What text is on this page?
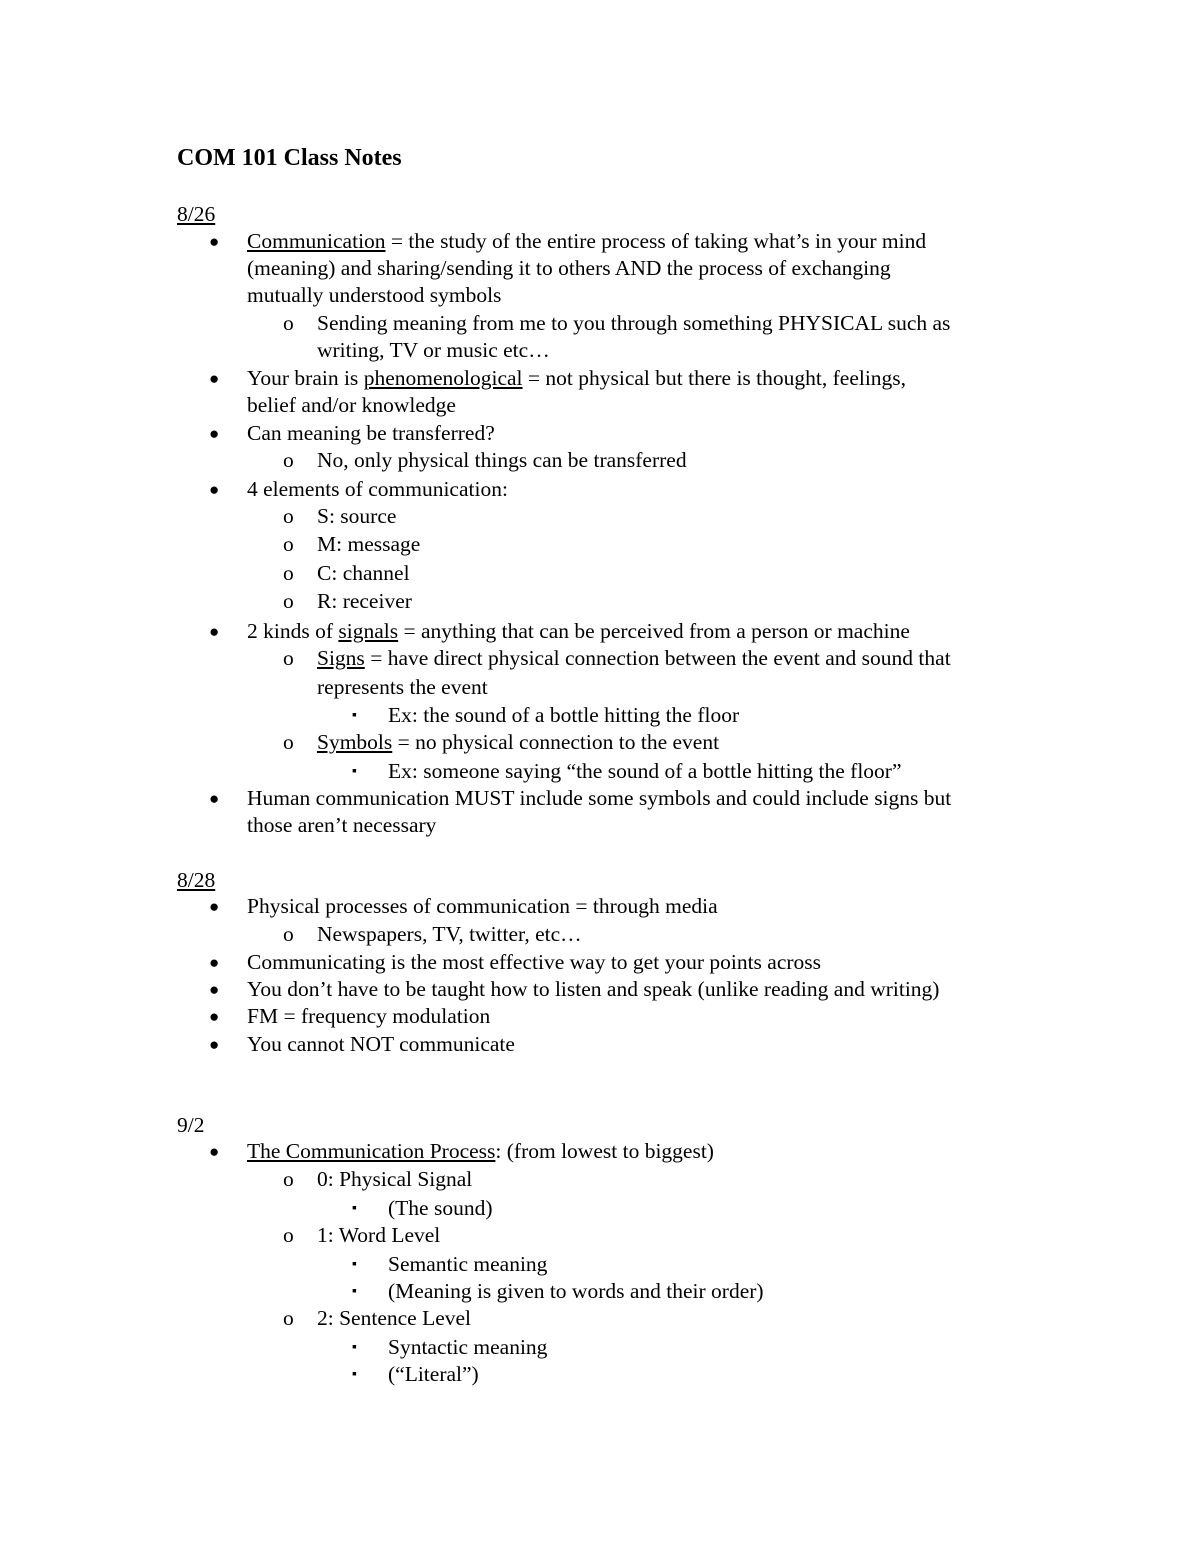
COM 101 Class Notes
8/26
● Communication = the study of the entire process of taking what’s in your mind
(meaning) and sharing/sending it to others AND the process of exchanging
mutually understood symbols
o Sending meaning from me to you through something PHYSICAL such as
writing, TV or music etc…
● Your brain is phenomenological = not physical but there is thought, feelings,
belief and/or knowledge
● Can meaning be transferred?
o No, only physical things can be transferred
● 4 elements of communication:
o S: source
o M: message
o C: channel
o R: receiver
● 2 kinds of signals = anything that can be perceived from a person or machine
o Signs = have direct physical connection between the event and sound that
represents the event
▪ Ex: the sound of a bottle hitting the floor
o Symbols = no physical connection to the event
▪ Ex: someone saying “the sound of a bottle hitting the floor”
● Human communication MUST include some symbols and could include signs but
those aren’t necessary
8/28
● Physical processes of communication = through media
o Newspapers, TV, twitter, etc…
● Communicating is the most effective way to get your points across
● You don’t have to be taught how to listen and speak (unlike reading and writing)
● FM = frequency modulation
● You cannot NOT communicate
9/2
● The Communication Process: (from lowest to biggest)
o 0: Physical Signal
▪ (The sound)
o 1: Word Level
▪ Semantic meaning
▪ (Meaning is given to words and their order)
o 2: Sentence Level
▪ Syntactic meaning
▪ (“Literal”)
